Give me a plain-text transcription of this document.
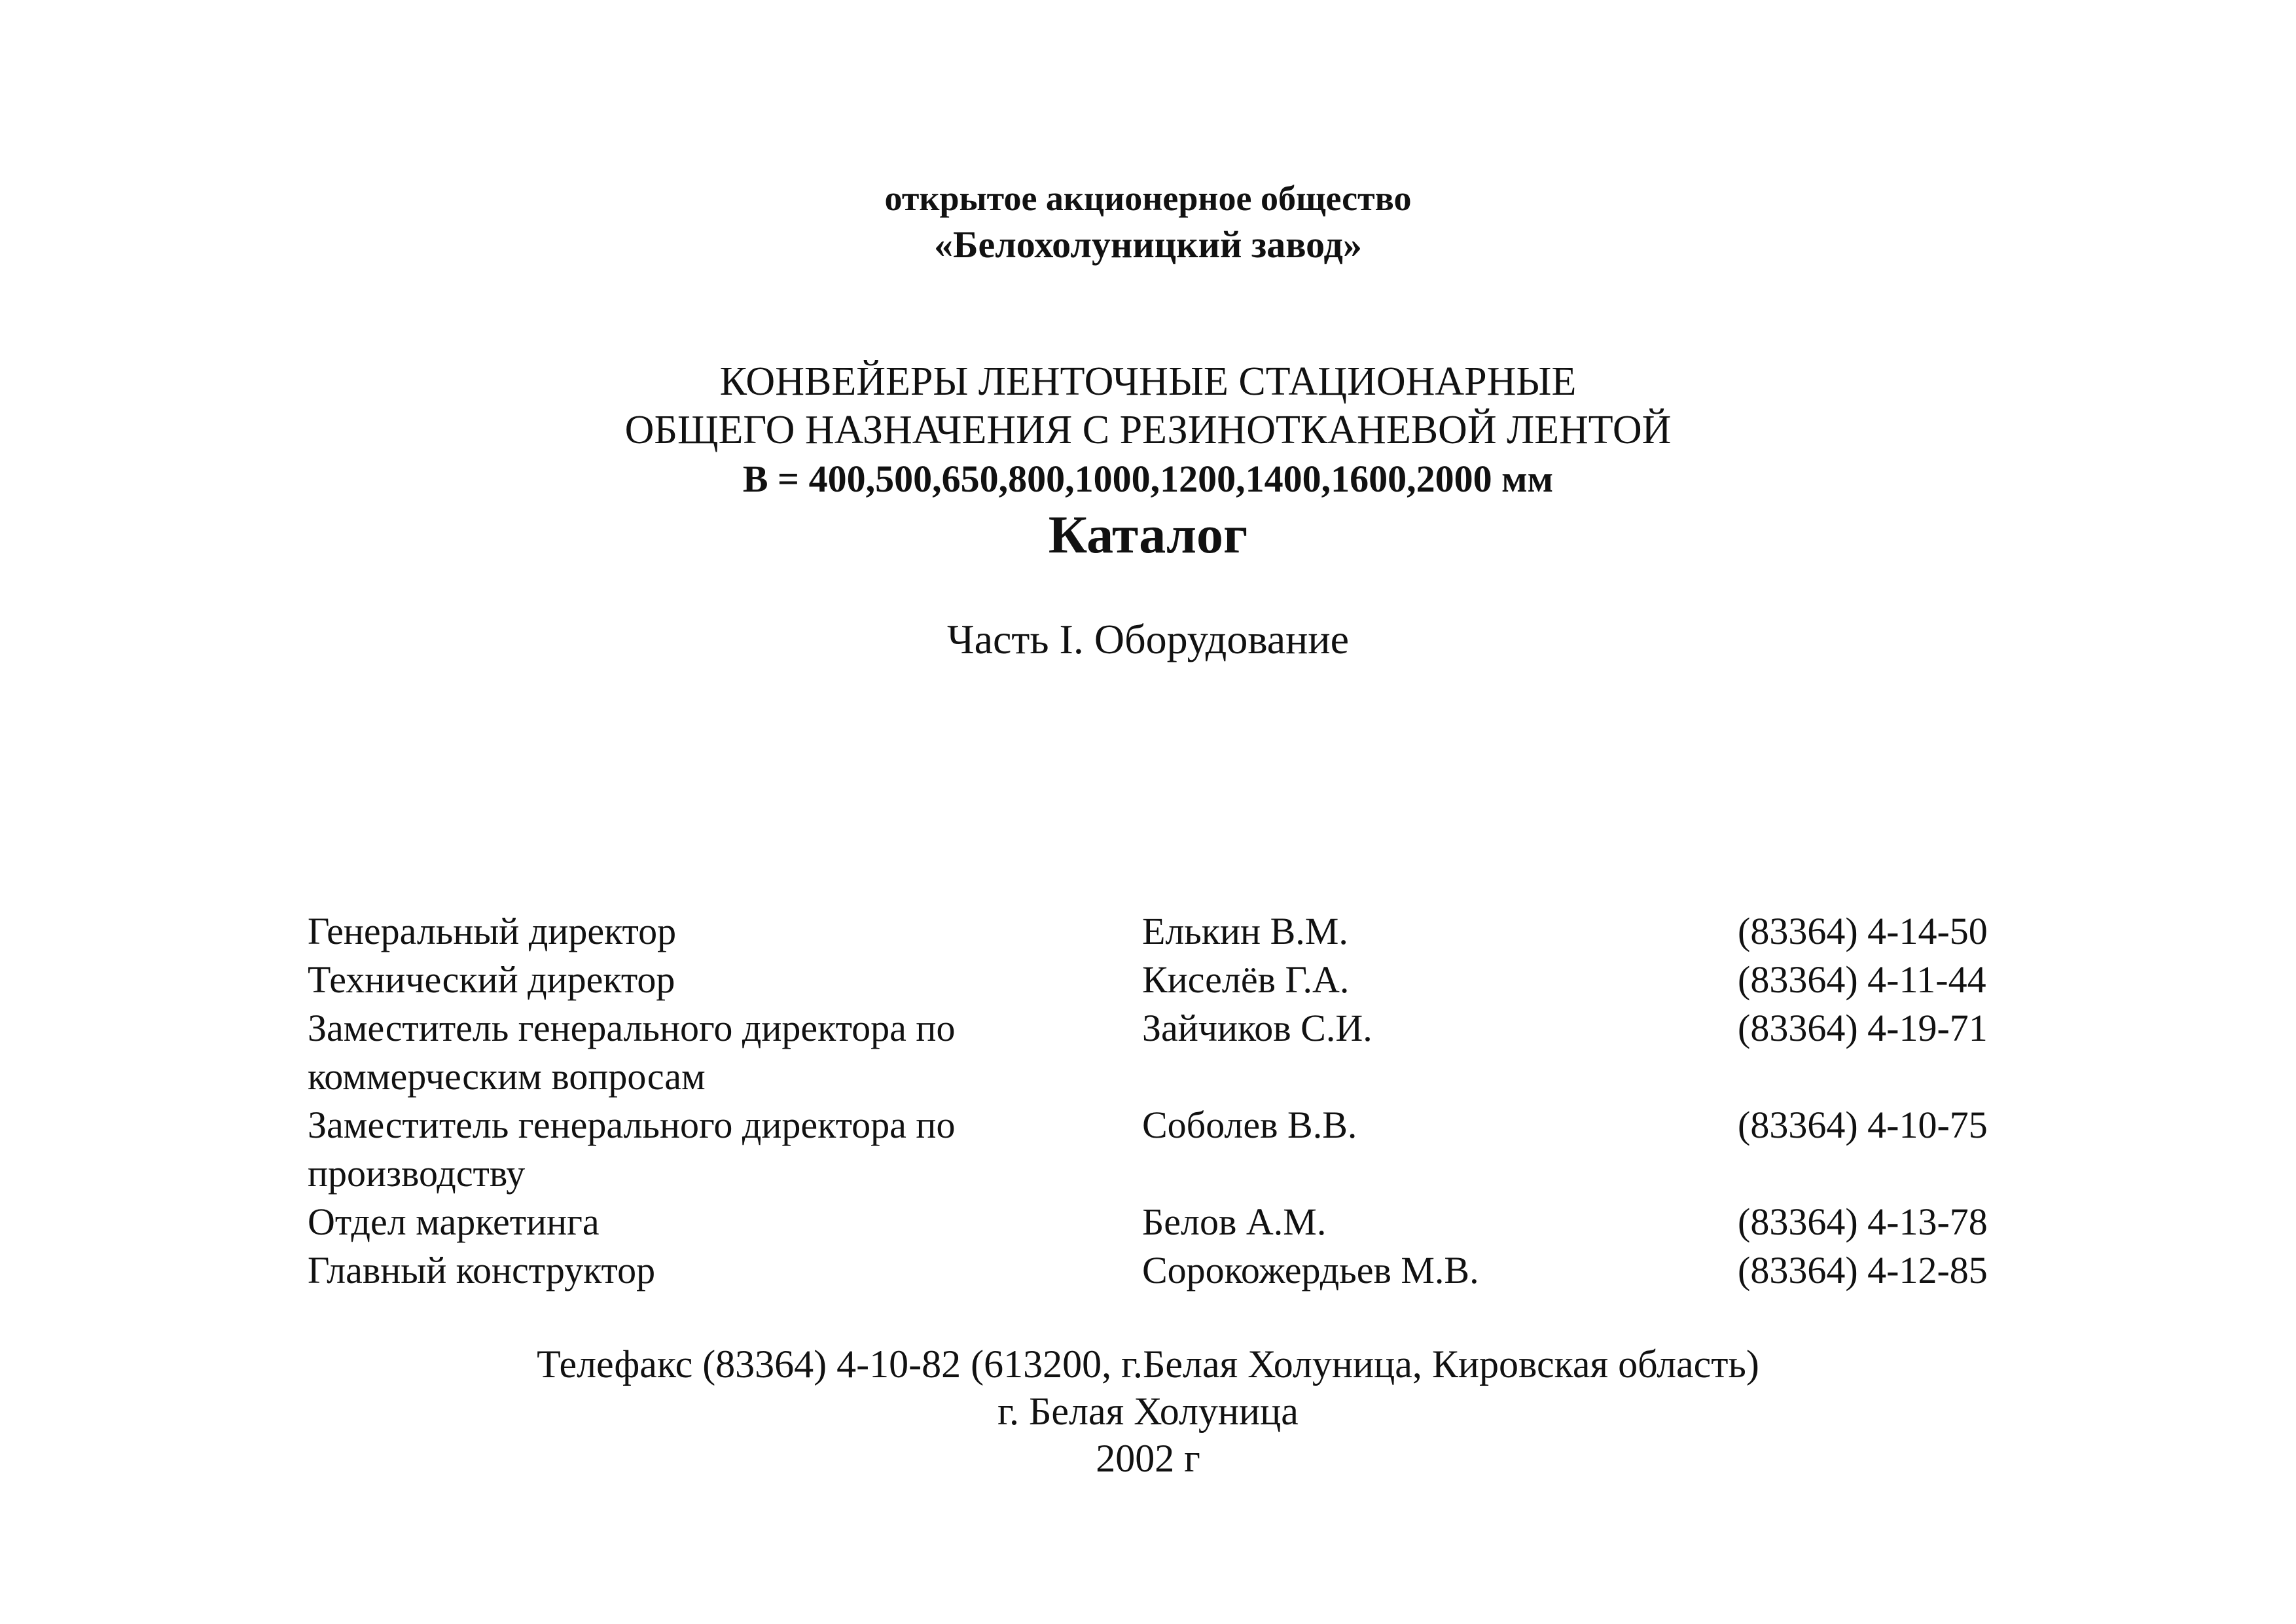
открытое акционерное общество
«Белохолуницкий завод»
КОНВЕЙЕРЫ ЛЕНТОЧНЫЕ СТАЦИОНАРНЫЕ
ОБЩЕГО НАЗНАЧЕНИЯ С РЕЗИНОТКАНЕВОЙ ЛЕНТОЙ
В = 400,500,650,800,1000,1200,1400,1600,2000 мм
Каталог
Часть I. Оборудование
Генеральный директор	Елькин В.М.	(83364) 4-14-50
Технический директор	Киселёв Г.А.	(83364) 4-11-44
Заместитель генерального директора по	Зайчиков С.И.	(83364) 4-19-71
коммерческим вопросам		
Заместитель генерального директора по	Соболев В.В.	(83364) 4-10-75
производству		
Отдел маркетинга	Белов А.М.	(83364) 4-13-78
Главный конструктор	Сорокожердьев М.В.	(83364) 4-12-85
Телефакс (83364) 4-10-82 (613200, г.Белая Холуница, Кировская область)
г. Белая Холуница
2002 г
